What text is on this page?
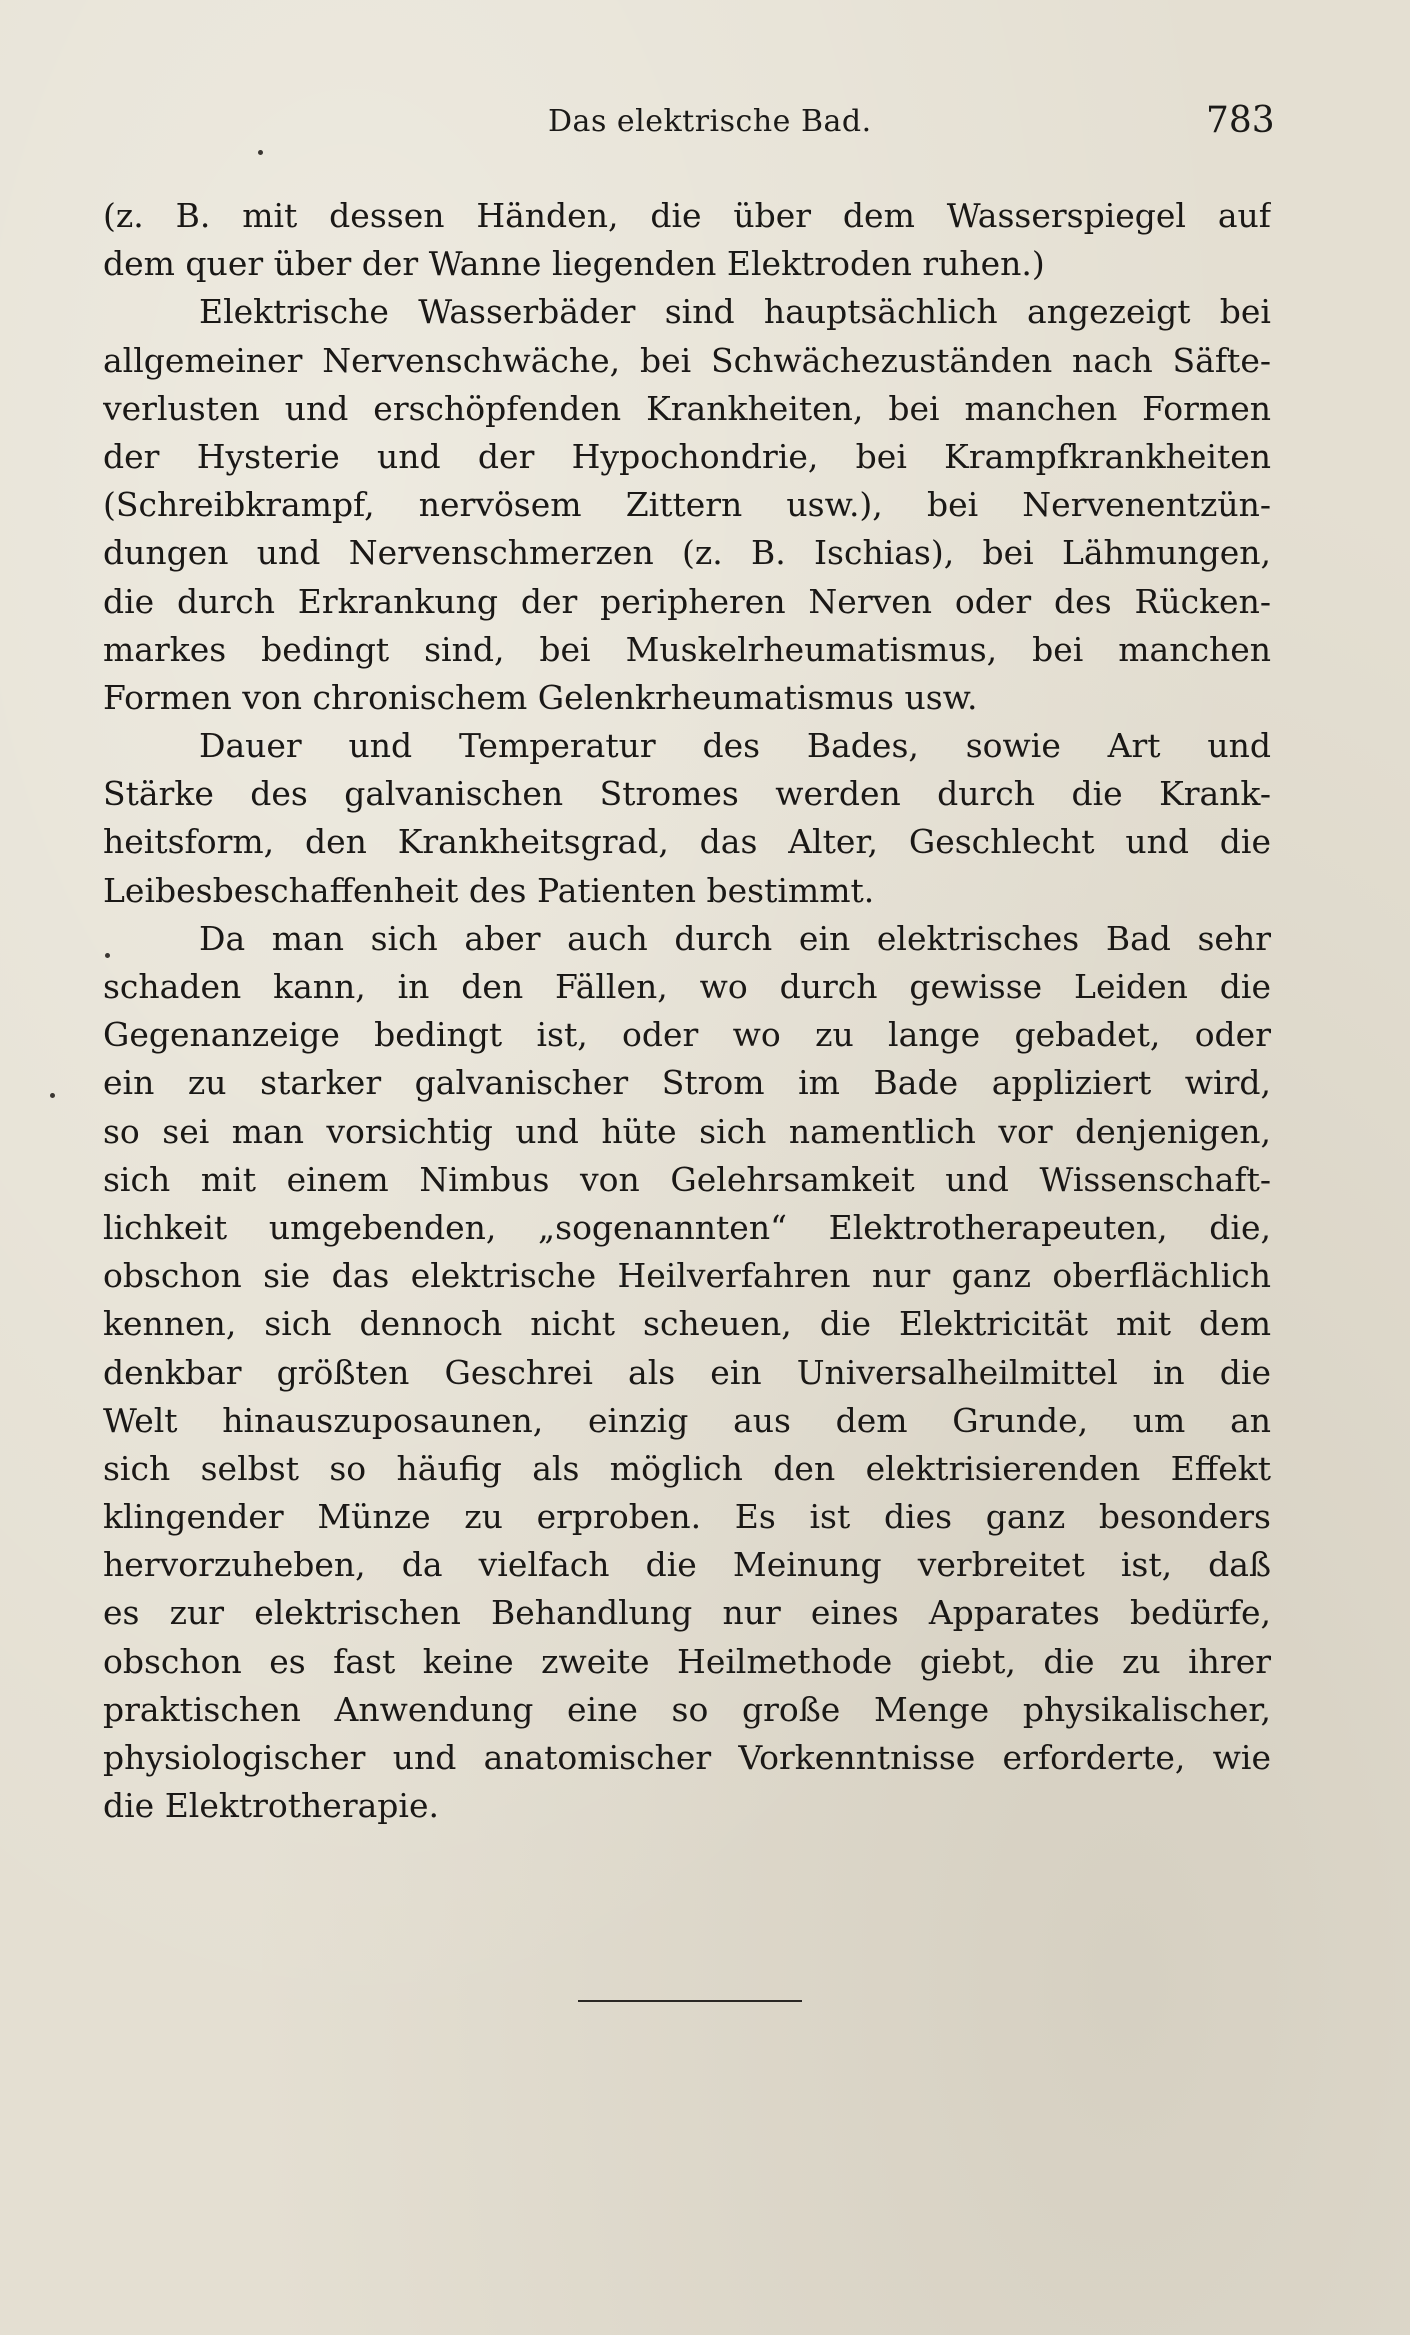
Das elektrische Bad.	783
(z. B. mit dessen Händen, die über dem Wasserspiegel auf
dem quer über der Wanne liegenden Elektroden ruhen.)
Elektrische Wasserbäder sind hauptsächlich angezeigt bei
allgemeiner Nervenschwäche, bei Schwächezuständen nach Säfte-
verlusten und erschöpfenden Krankheiten, bei manchen Formen
der Hysterie und der Hypochondrie, bei Krampfkrankheiten
(Schreibkrampf, nervösem Zittern usw.), bei Nervenentzün-
dungen und Nervenschmerzen (z. B. Ischias), bei Lähmungen,
die durch Erkrankung der peripheren Nerven oder des Rücken-
markes bedingt sind, bei Muskelrheumatismus, bei manchen
Formen von chronischem Gelenkrheumatismus usw.
Dauer und Temperatur des Bades, sowie Art und
Stärke des galvanischen Stromes werden durch die Krank-
heitsform, den Krankheitsgrad, das Alter, Geschlecht und die
Leibesbeschaffenheit des Patienten bestimmt.
Da man sich aber auch durch ein elektrisches Bad sehr
schaden kann, in den Fällen, wo durch gewisse Leiden die
Gegenanzeige bedingt ist, oder wo zu lange gebadet, oder
ein zu starker galvanischer Strom im Bade appliziert wird,
so sei man vorsichtig und hüte sich namentlich vor denjenigen,
sich mit einem Nimbus von Gelehrsamkeit und Wissenschaft-
lichkeit umgebenden, „sogenannten“ Elektrotherapeuten, die,
obschon sie das elektrische Heilverfahren nur ganz oberflächlich
kennen, sich dennoch nicht scheuen, die Elektricität mit dem
denkbar größten Geschrei als ein Universalheilmittel in die
Welt hinauszuposaunen, einzig aus dem Grunde, um an
sich selbst so häufig als möglich den elektrisierenden Effekt
klingender Münze zu erproben. Es ist dies ganz besonders
hervorzuheben, da vielfach die Meinung verbreitet ist, daß
es zur elektrischen Behandlung nur eines Apparates bedürfe,
obschon es fast keine zweite Heilmethode giebt, die zu ihrer
praktischen Anwendung eine so große Menge physikalischer,
physiologischer und anatomischer Vorkenntnisse erforderte, wie
die Elektrotherapie.
